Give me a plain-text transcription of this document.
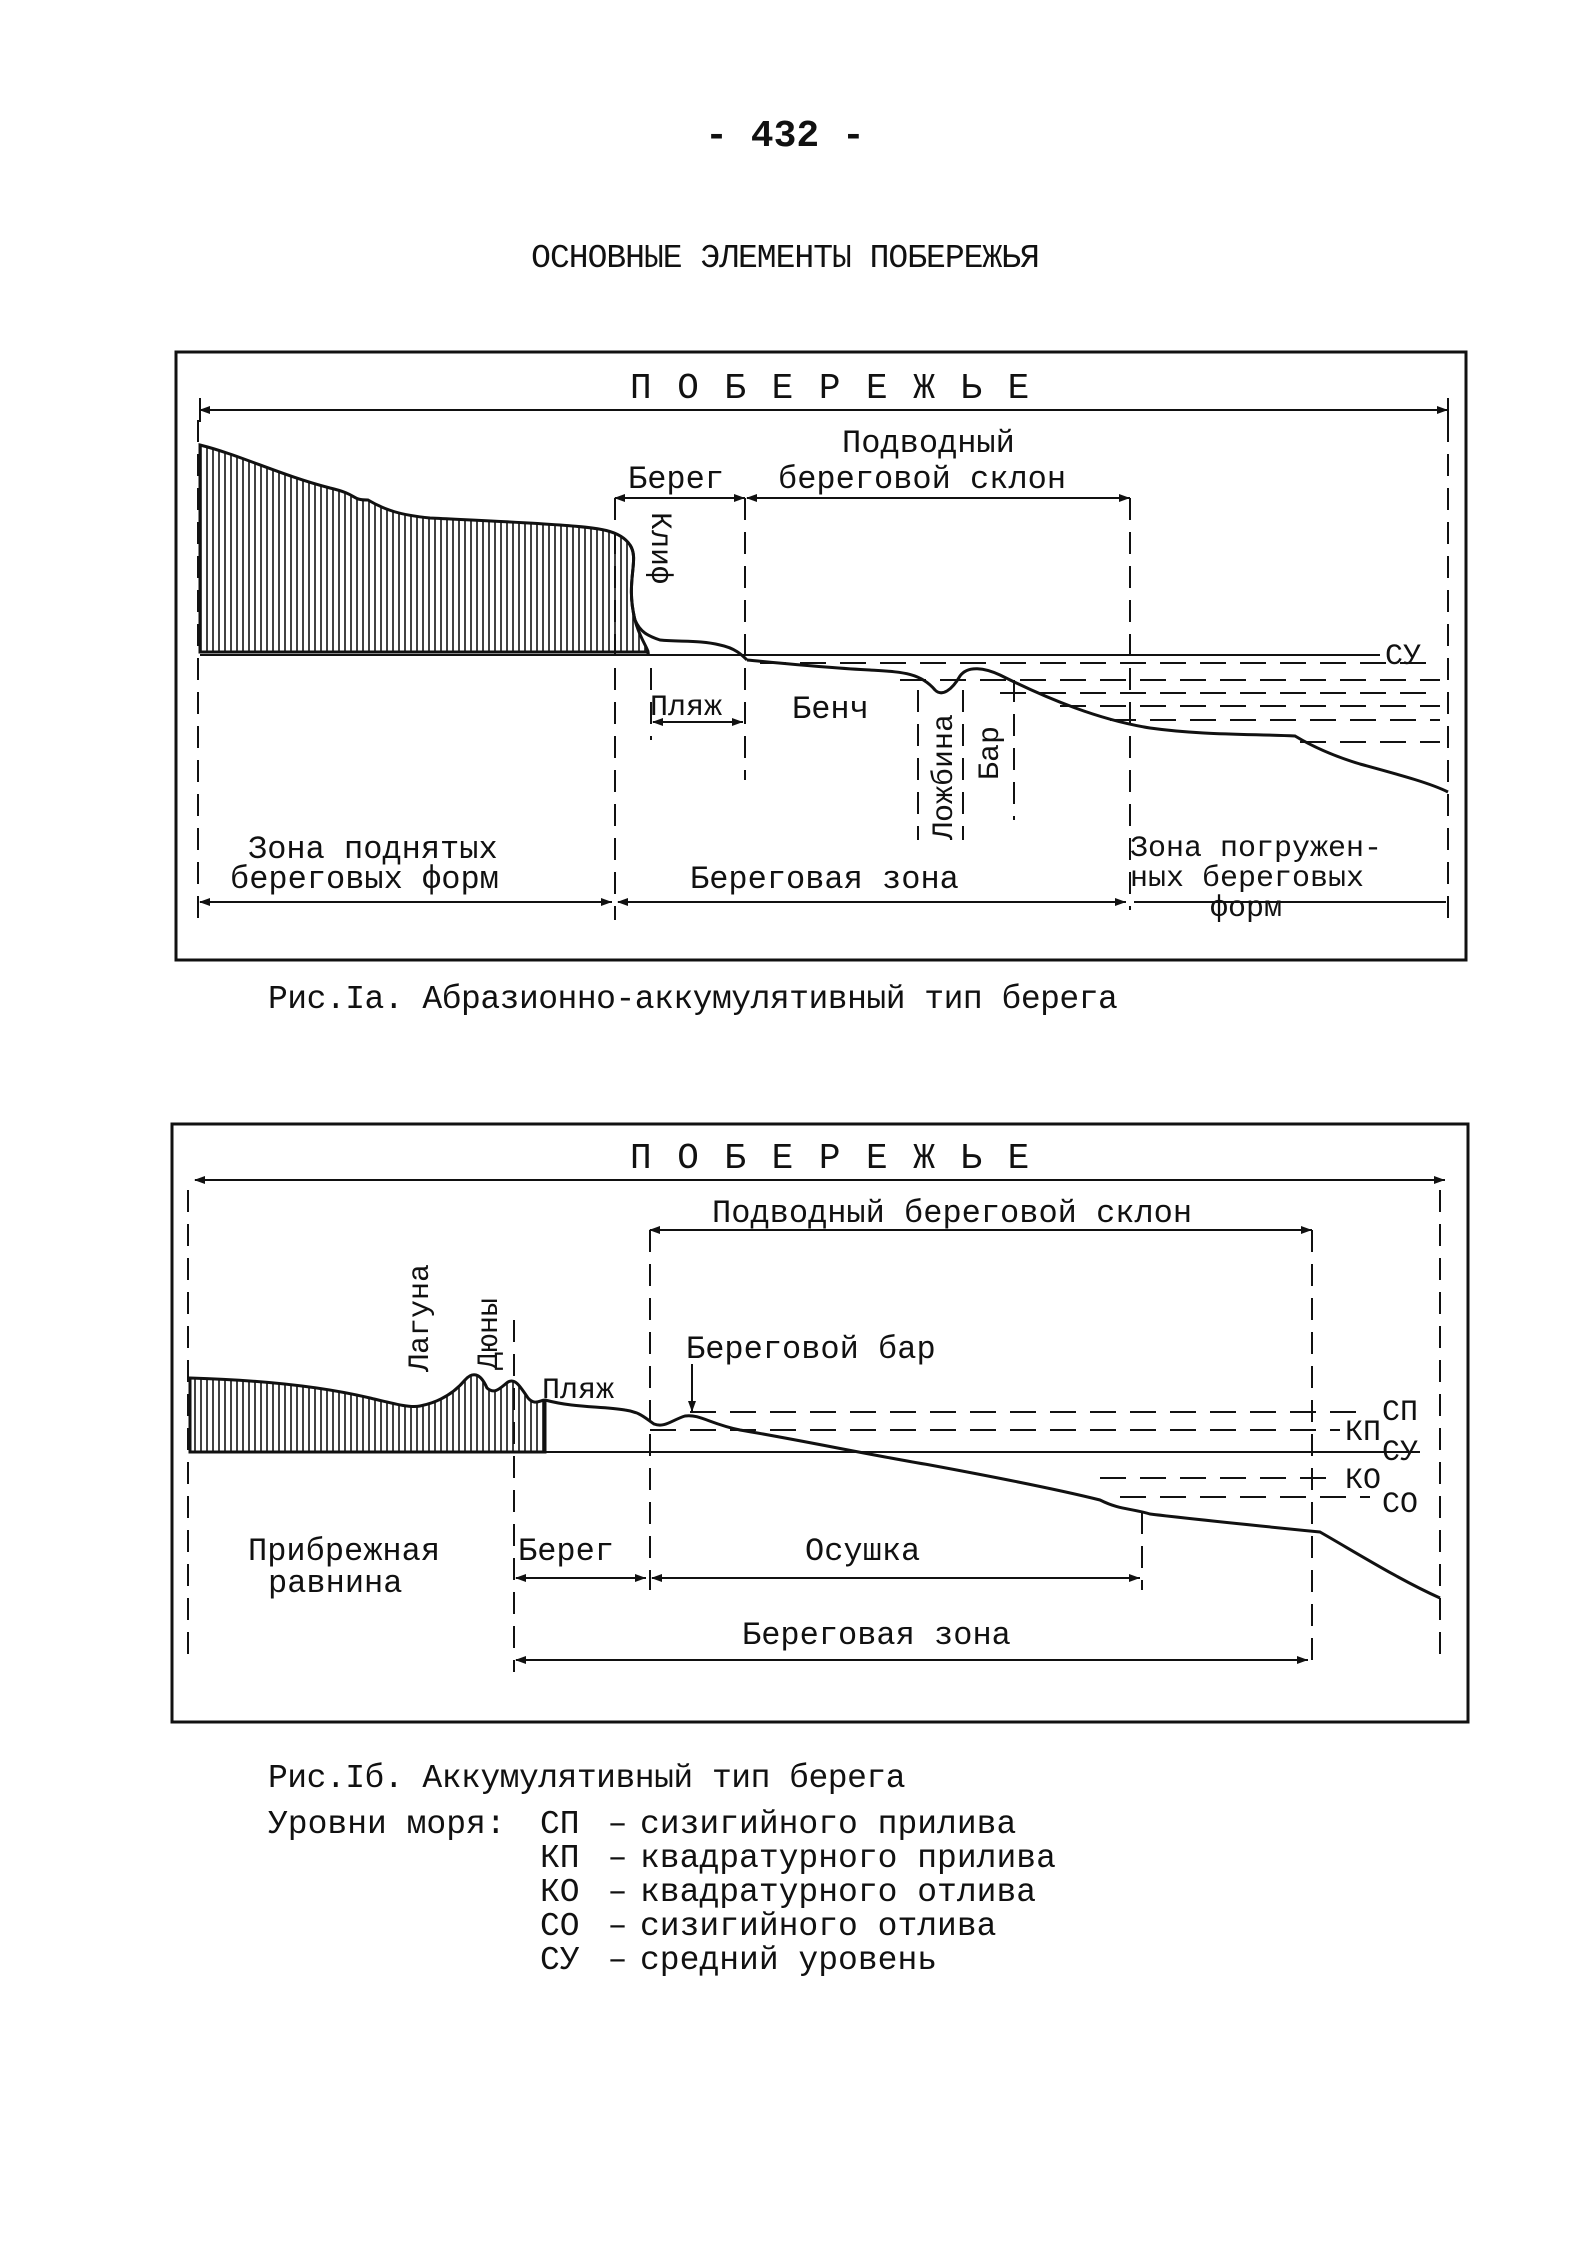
- 432 -
ОСНОВНЫЕ ЭЛЕМЕНТЫ ПОБЕРЕЖЬЯ
П О Б Е Р Е Ж Ь Е
Берег
Подводный
береговой склон
Клиф
СУ
Пляж Бенч
Ложбина Бар
Зона поднятых
береговых форм	Береговая зона
Зона погружен-
ных береговых
форм
Рис.Iа. Абразионно-аккумулятивный тип берега
П О Б Е Р Е Ж Ь Е
Подводный береговой склон
Лагуна Дюны
Пляж
Береговой бар
СП
КП
СУ
КО
СО
Прибрежная
равнина
Берег	Осушка
Береговая зона
Рис.Iб. Аккумулятивный тип берега
Уровни моря:	СП – сизигийного прилива
КП – квадратурного прилива
КО – квадратурного отлива
СО – сизигийного отлива
СУ – средний уровень
